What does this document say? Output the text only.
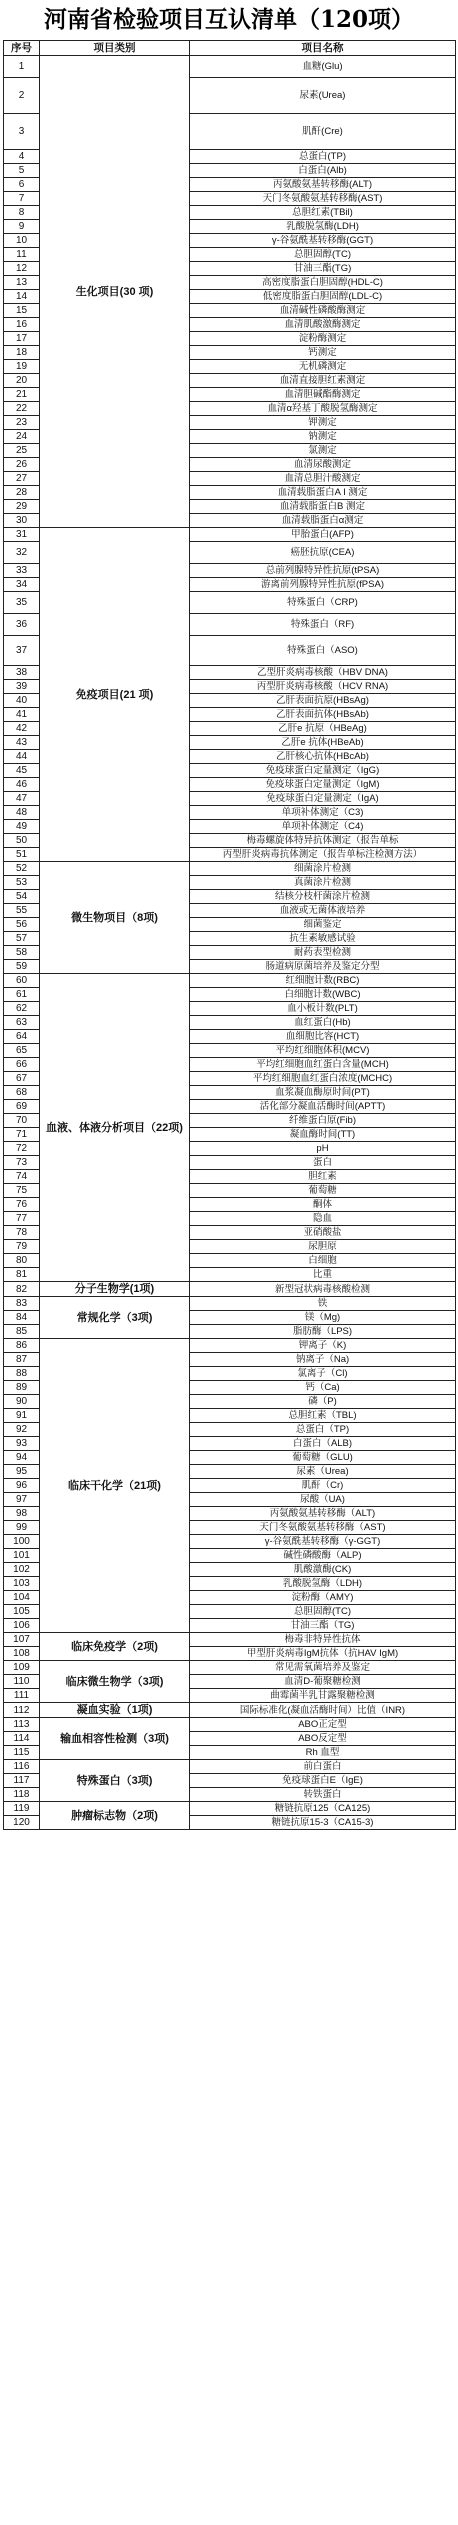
河南省检验项目互认清单（120项）
序号	项目类别	项目名称
1	生化项目(30 项)	血糖(Glu)
2		尿素(Urea)
3		肌酐(Cre)
4		总蛋白(TP)
5		白蛋白(Alb)
6		丙氨酸氨基转移酶(ALT)
7		天门冬氨酸氨基转移酶(AST)
8		总胆红素(TBil)
9		乳酸脱氢酶(LDH)
10		γ-谷氨酰基转移酶(GGT)
11		总胆固醇(TC)
12		甘油三酯(TG)
13		高密度脂蛋白胆固醇(HDL-C)
14		低密度脂蛋白胆固醇(LDL-C)
15		血清碱性磷酸酶测定
16		血清肌酸激酶测定
17		淀粉酶测定
18		钙测定
19		无机磷测定
20		血清直接胆红素测定
21		血清胆碱酯酶测定
22		血清α羟基丁酸脱氢酶测定
23		钾测定
24		钠测定
25		氯测定
26		血清尿酸测定
27		血清总胆汁酸测定
28		血清载脂蛋白A I 测定
29		血清载脂蛋白B 测定
30		血清载脂蛋白α测定
31	免疫项目(21 项)	甲胎蛋白(AFP)
32		癌胚抗原(CEA)
33		总前列腺特异性抗原(tPSA)
34		游离前列腺特异性抗原(fPSA)
35		特殊蛋白（CRP)
36		特殊蛋白（RF)
37		特殊蛋白（ASO)
38		乙型肝炎病毒核酸（HBV DNA)
39		丙型肝炎病毒核酸（HCV RNA)
40		乙肝表面抗原(HBsAg)
41		乙肝表面抗体(HBsAb)
42		乙肝e 抗原（HBeAg)
43		乙肝e 抗体(HBeAb)
44		乙肝核心抗体(HBcAb)
45		免疫球蛋白定量测定（IgG)
46		免疫球蛋白定量测定（IgM)
47		免疫球蛋白定量测定（IgA)
48		单项补体测定（C3)
49		单项补体测定（C4)
50		梅毒螺旋体特异抗体测定（报告单标
51		丙型肝炎病毒抗体测定（报告单标注检测方法）
52	微生物项目（8项)	细菌涂片检测
53		真菌涂片检测
54		结核分枝杆菌涂片检测
55		血液或无菌体液培养
56		细菌鉴定
57		抗生素敏感试验
58		耐药表型检测
59		肠道病原菌培养及鉴定分型
60	血液、体液分析项目（22项)	红细胞计数(RBC)
61		白细胞计数(WBC)
62		血小板计数(PLT)
63		血红蛋白(Hb)
64		血细胞比容(HCT)
65		平均红细胞体积(MCV)
66		平均红细胞血红蛋白含量(MCH)
67		平均红细胞血红蛋白浓度(MCHC)
68		血浆凝血酶原时间(PT)
69		活化部分凝血活酶时间(APTT)
70		纤维蛋白原(Fib)
71		凝血酶时间(TT)
72		pH
73		蛋白
74		胆红素
75		葡萄糖
76		酮体
77		隐血
78		亚硝酸盐
79		尿胆原
80		白细胞
81		比重
82	分子生物学(1项)	新型冠状病毒核酸检测
83	常规化学（3项)	铁
84		镁（Mg)
85		脂肪酶（LPS)
86	临床干化学（21项)	钾离子（K)
87		钠离子（Na)
88		氯离子（Cl)
89		钙（Ca)
90		磷（P)
91		总胆红素（TBL)
92		总蛋白（TP)
93		白蛋白（ALB)
94		葡萄糖（GLU)
95		尿素（Urea)
96		肌酐（Cr)
97		尿酸（UA)
98		丙氨酸氨基转移酶（ALT)
99		天门冬氨酸氨基转移酶（AST)
100		γ-谷氨酰基转移酶（γ-GGT)
101		碱性磷酸酶（ALP)
102		肌酸激酶(CK)
103		乳酸脱氢酶（LDH)
104		淀粉酶（AMY)
105		总胆固醇(TC)
106		甘油三酯（TG)
107	临床免疫学（2项)	梅毒非特异性抗体
108		甲型肝炎病毒IgM抗体（抗HAV IgM)
109	临床微生物学（3项)	常见需氧菌培养及鉴定
110		血清D-葡聚糖检测
111		曲霉菌半乳甘露聚糖检测
112	凝血实验（1项)	国际标准化(凝血活酶时间）比值（INR)
113	输血相容性检测（3项)	ABO正定型
114		ABO反定型
115		Rh 血型
116	特殊蛋白（3项)	前白蛋白
117		免疫球蛋白E（IgE)
118		转铁蛋白
119	肿瘤标志物（2项)	糖链抗原125（CA125)
120		糖链抗原15-3（CA15-3)
